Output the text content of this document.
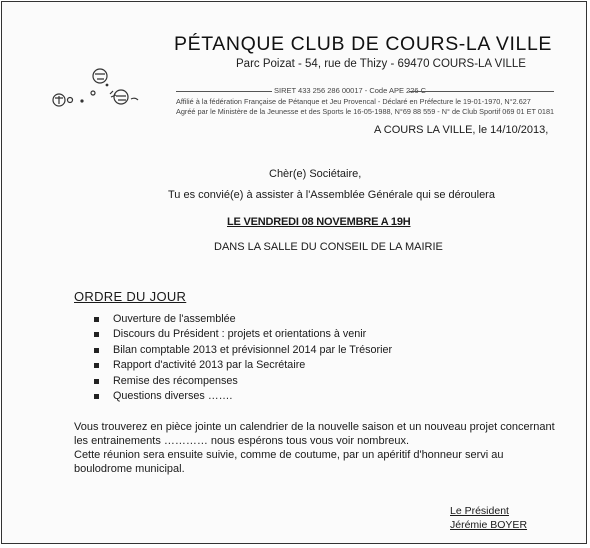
PÉTANQUE CLUB DE COURS-LA VILLE
Parc Poizat - 54, rue de Thizy - 69470 COURS-LA VILLE
SIRET 433 256 286 00017 - Code APE 226 C
Affilié à la fédération Française de Pétanque et Jeu Provencal - Déclaré en Préfecture le 19-01-1970, N°2.627
Agréé par le Ministère de la Jeunesse et des Sports le 16-05-1988, N°69 88 559 - N° de Club Sportif 069 01 ET 0181
A COURS LA VILLE, le 14/10/2013,
Chèr(e) Sociétaire,
Tu es convié(e) à assister à l'Assemblée Générale qui se déroulera
LE VENDREDI 08 NOVEMBRE A 19H
DANS LA SALLE DU CONSEIL DE LA MAIRIE
ORDRE DU JOUR
Ouverture de l'assemblée
Discours du Président : projets et orientations à venir
Bilan comptable 2013 et prévisionnel 2014 par le Trésorier
Rapport d'activité 2013 par la Secrétaire
Remise des récompenses
Questions diverses …….
Vous trouverez en pièce jointe un calendrier de la nouvelle saison et un nouveau projet concernant
les entrainements ………… nous espérons tous vous voir nombreux.
Cette réunion sera ensuite suivie, comme de coutume, par un apéritif d'honneur servi au
boulodrome municipal.
Le Président
Jérémie BOYER
